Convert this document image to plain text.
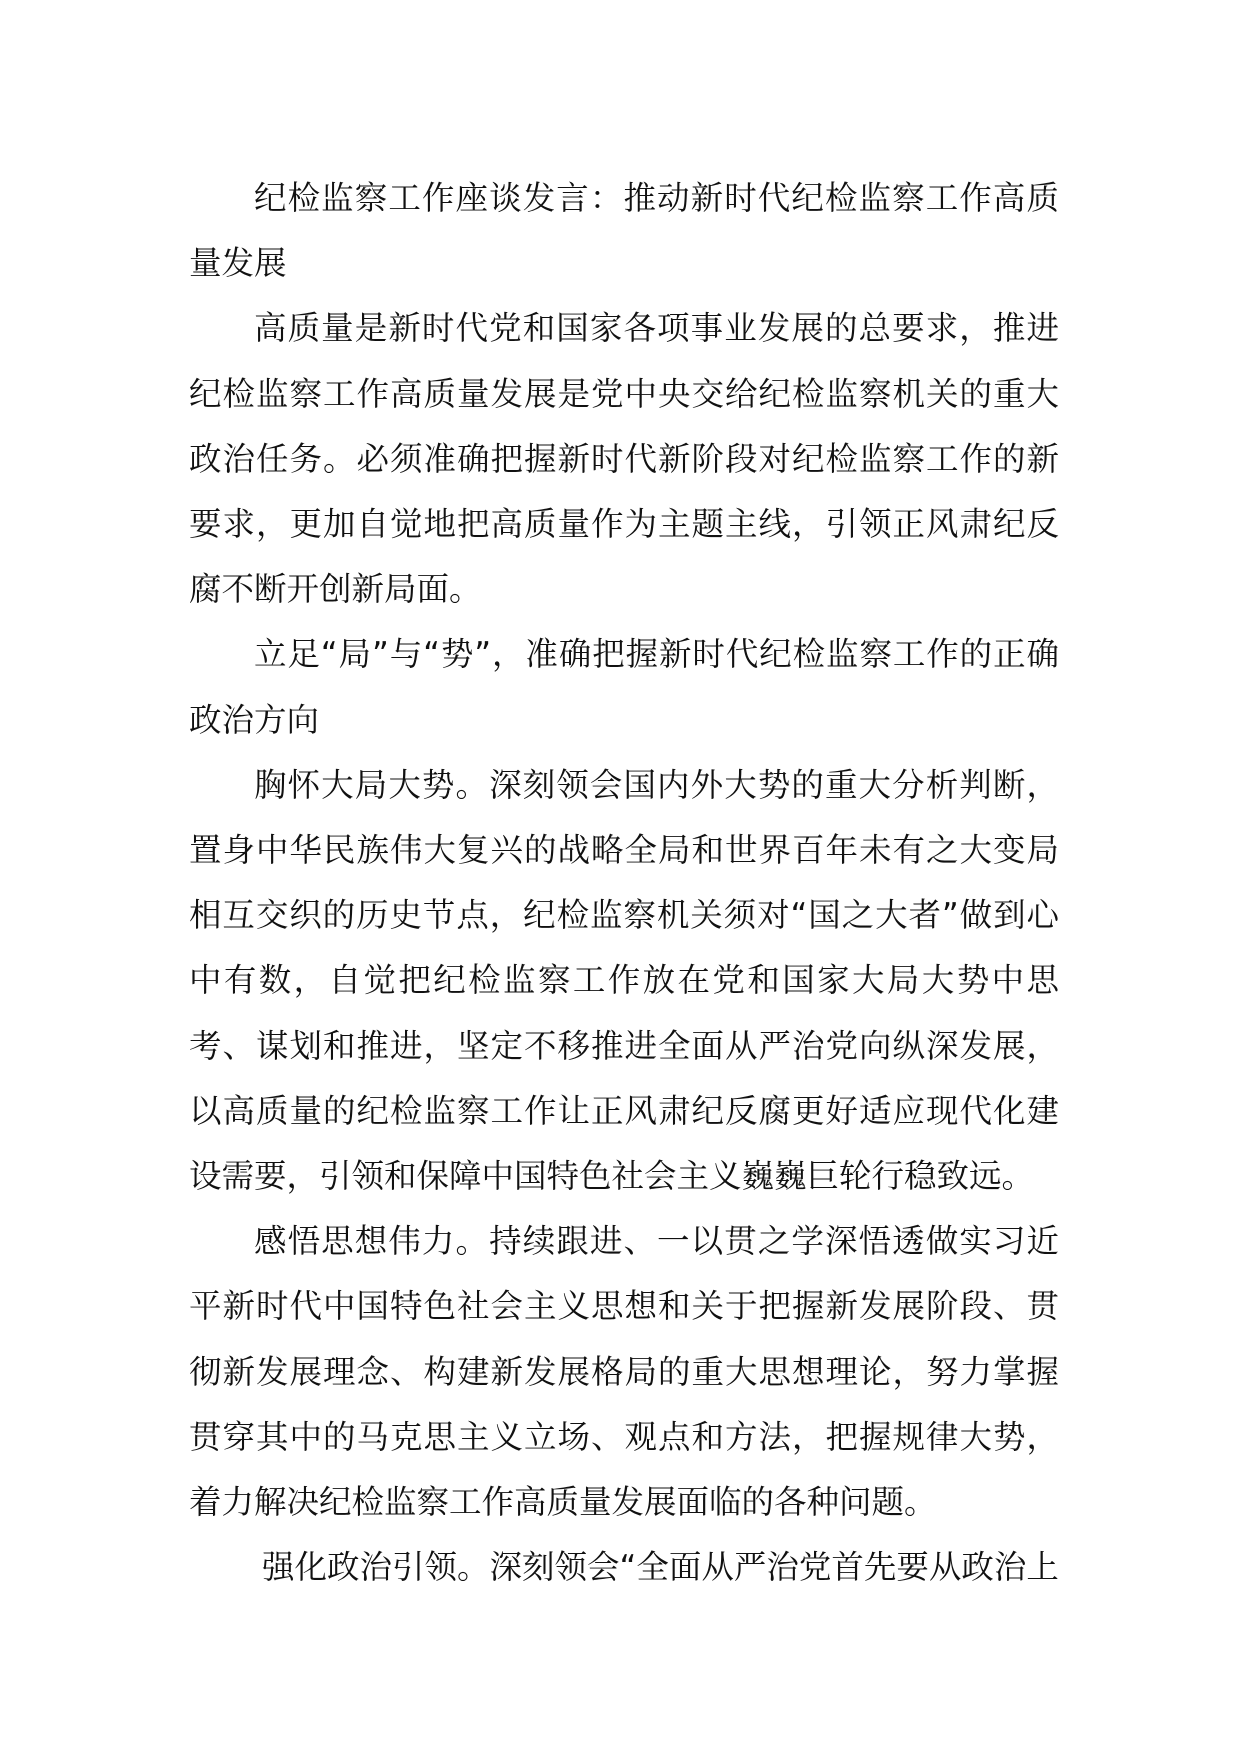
纪检监察工作座谈发言：推动新时代纪检监察工作高质量发展

高质量是新时代党和国家各项事业发展的总要求，推进纪检监察工作高质量发展是党中央交给纪检监察机关的重大政治任务。必须准确把握新时代新阶段对纪检监察工作的新要求，更加自觉地把高质量作为主题主线，引领正风肃纪反腐不断开创新局面。

立足“局”与“势”，准确把握新时代纪检监察工作的正确政治方向

胸怀大局大势。深刻领会国内外大势的重大分析判断，置身中华民族伟大复兴的战略全局和世界百年未有之大变局相互交织的历史节点，纪检监察机关须对“国之大者”做到心中有数，自觉把纪检监察工作放在党和国家大局大势中思考、谋划和推进，坚定不移推进全面从严治党向纵深发展，以高质量的纪检监察工作让正风肃纪反腐更好适应现代化建设需要，引领和保障中国特色社会主义巍巍巨轮行稳致远。

感悟思想伟力。持续跟进、一以贯之学深悟透做实习近平新时代中国特色社会主义思想和关于把握新发展阶段、贯彻新发展理念、构建新发展格局的重大思想理论，努力掌握贯穿其中的马克思主义立场、观点和方法，把握规律大势，着力解决纪检监察工作高质量发展面临的各种问题。

强化政治引领。深刻领会“全面从严治党首先要从政治上
